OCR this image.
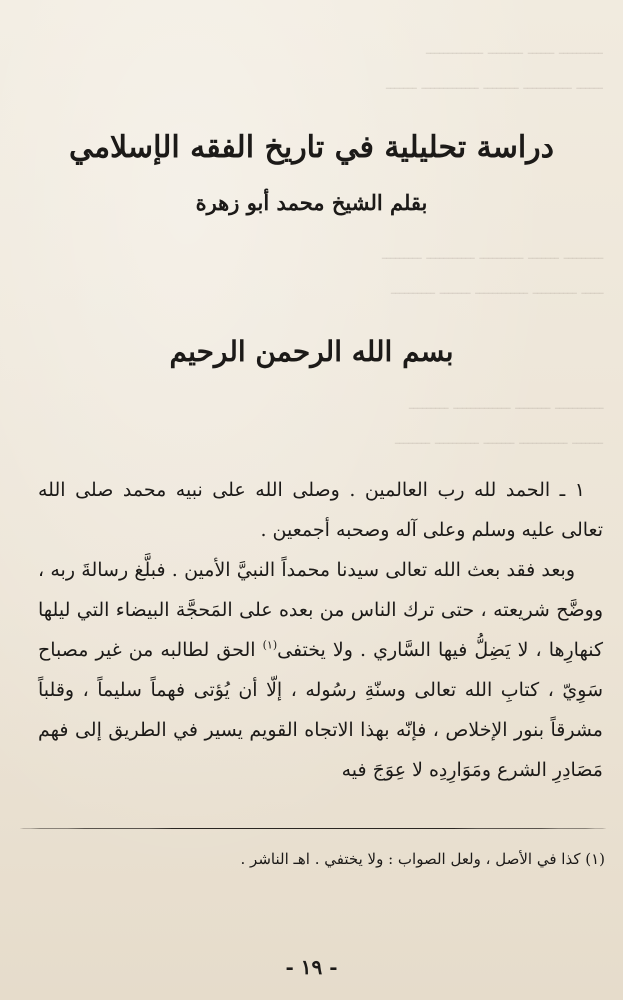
ـــــــــــــ ــــــــ ــــــ ــــــــــ
ـــــــ ـــــــــــــ ــــــــ ـــــــــــ ــــــ
ـــــــــ ـــــــــــ ــــــــــ ـــــــ ـــــــــ
ــــــــــ ـــــــ ــــــــــــ ــــــــــ ـــــ
ـــــــــ ـــــــــــــ ــــــــ ـــــــــــ
ــــــــ ــــــــــ ـــــــ ـــــــــــ ـــــــ
دراسة تحليلية في تاريخ الفقه الإسلامي
بقلم الشيخ محمد أبو زهرة
بسم الله الرحمن الرحيم

١ ـ الحمد لله رب العالمين . وصلى الله على نبيه محمد صلى الله تعالى عليه وسلم وعلى آله وصحبه أجمعين .

وبعد فقد بعث الله تعالى سيدنا محمداً النبيَّ الأمين . فبلَّغ رسالةَ ربه ، ووضَّح شريعته ، حتى ترك الناس من بعده على المَحجَّة البيضاء التي ليلها كنهارِها ، لا يَضِلُّ فيها السَّاري . ولا يختفى$^{(١)}$ الحق لطالبه من غير مصباح سَوِيّ ، كتابِ الله تعالى وسنّةِ رسُوله ، إلّا أن يُؤتى فهماً سليماً ، وقلباً مشرقاً بنور الإخلاص ، فإنّه بهذا الاتجاه القويم يسير في الطريق إلى فهم مَصَادِرِ الشرع ومَوَارِدِه لا عِوَجَ فيه

(١) كذا في الأصل ، ولعل الصواب : ولا يختفي . اهـ الناشر .
- ١٩ -
